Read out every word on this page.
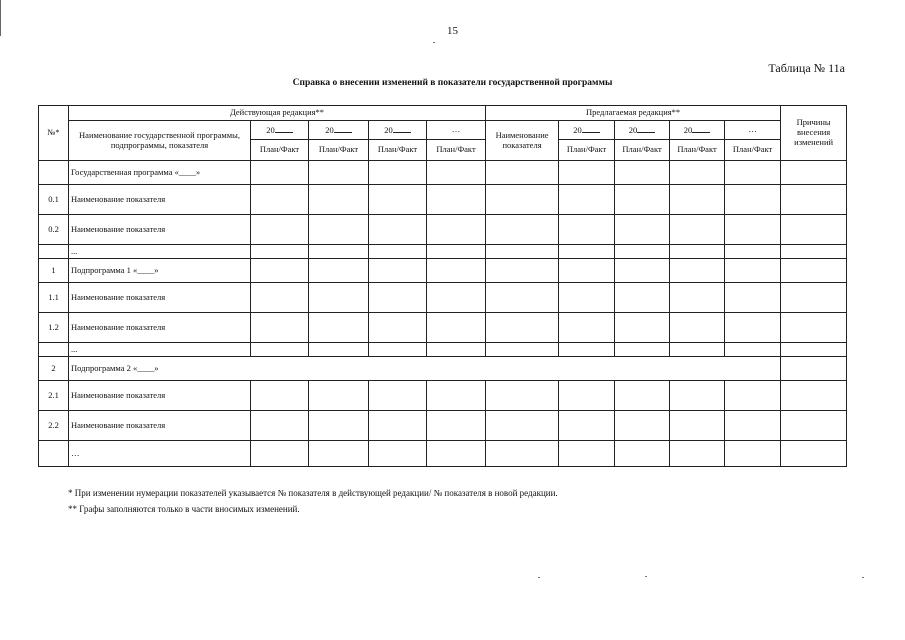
15
Таблица № 11а
Справка о внесении изменений в показатели государственной программы
№*	Действующая редакция**					Предлагаемая редакция**					Причины внесения изменений
	Наименование государственной программы, подпрограммы, показателя	20	20	20	…	Наименование показателя	20	20	20	…	
		План/Факт	План/Факт	План/Факт	План/Факт		План/Факт	План/Факт	План/Факт	План/Факт	
	Государственная программа «____»										
0.1	Наименование показателя										
0.2	Наименование показателя										
	...										
1	Подпрограмма 1 «____»										
1.1	Наименование показателя										
1.2	Наименование показателя										
	...										
2	Подпрограмма 2 «____»										
2.1	Наименование показателя										
2.2	Наименование показателя										
	…										
* При изменении нумерации показателей указывается № показателя в действующей редакции/ № показателя в новой редакции.
** Графы заполняются только в части вносимых изменений.
